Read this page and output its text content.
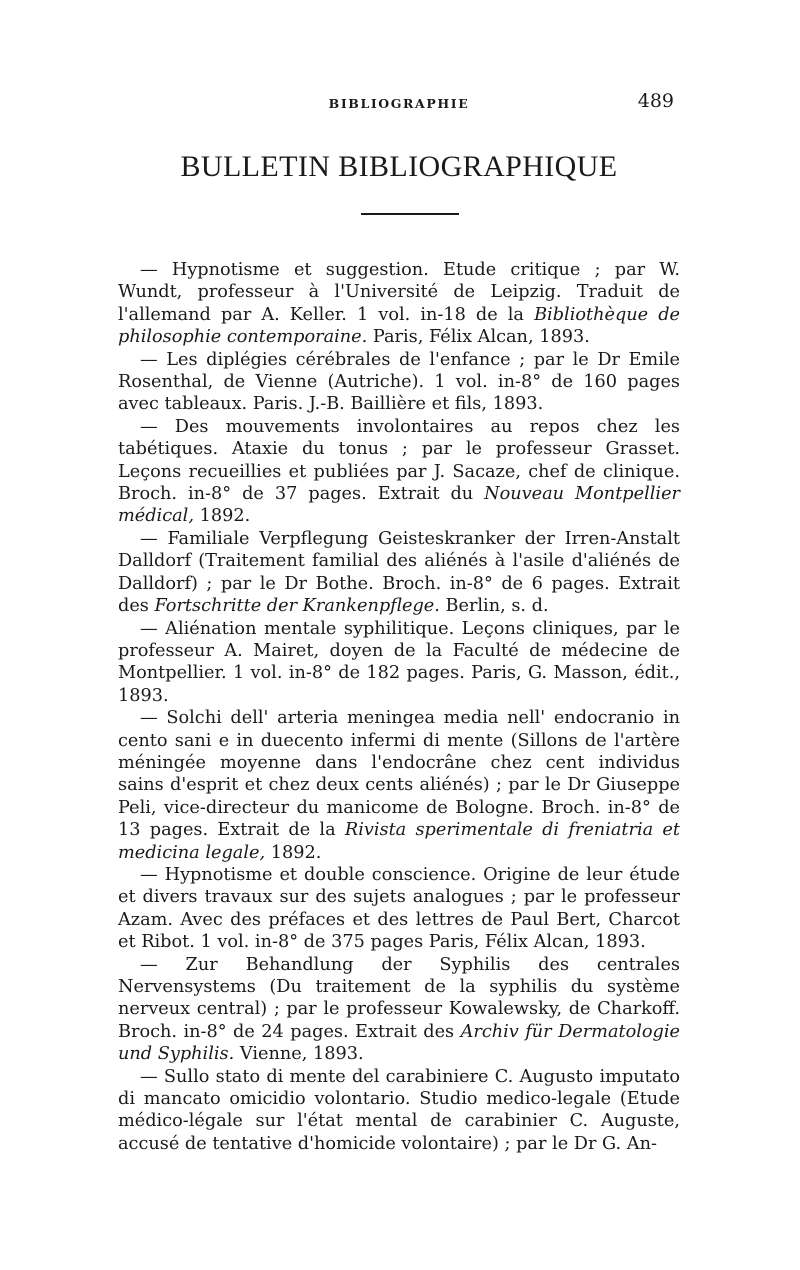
BIBLIOGRAPHIE	489
BULLETIN BIBLIOGRAPHIQUE

— Hypnotisme et suggestion. Etude critique ; par W. Wundt, professeur à l'Université de Leipzig. Traduit de l'allemand par A. Keller. 1 vol. in-18 de la Bibliothèque de philosophie contemporaine. Paris, Félix Alcan, 1893.

— Les diplégies cérébrales de l'enfance ; par le Dr Emile Rosenthal, de Vienne (Autriche). 1 vol. in-8° de 160 pages avec tableaux. Paris. J.-B. Baillière et fils, 1893.

— Des mouvements involontaires au repos chez les tabétiques. Ataxie du tonus ; par le professeur Grasset. Leçons recueillies et publiées par J. Sacaze, chef de clinique. Broch. in-8° de 37 pages. Extrait du Nouveau Montpellier médical, 1892.

— Familiale Verpflegung Geisteskranker der Irren-Anstalt Dalldorf (Traitement familial des aliénés à l'asile d'aliénés de Dalldorf) ; par le Dr Bothe. Broch. in-8° de 6 pages. Extrait des Fortschritte der Krankenpflege. Berlin, s. d.

— Aliénation mentale syphilitique. Leçons cliniques, par le professeur A. Mairet, doyen de la Faculté de médecine de Montpellier. 1 vol. in-8° de 182 pages. Paris, G. Masson, édit., 1893.

— Solchi dell' arteria meningea media nell' endocranio in cento sani e in duecento infermi di mente (Sillons de l'artère méningée moyenne dans l'endocrâne chez cent individus sains d'esprit et chez deux cents aliénés) ; par le Dr Giuseppe Peli, vice-directeur du manicome de Bologne. Broch. in-8° de 13 pages. Extrait de la Rivista sperimentale di freniatria et medicina legale, 1892.

— Hypnotisme et double conscience. Origine de leur étude et divers travaux sur des sujets analogues ; par le professeur Azam. Avec des préfaces et des lettres de Paul Bert, Charcot et Ribot. 1 vol. in-8° de 375 pages Paris, Félix Alcan, 1893.

— Zur Behandlung der Syphilis des centrales Nervensystems (Du traitement de la syphilis du système nerveux central) ; par le professeur Kowalewsky, de Charkoff. Broch. in-8° de 24 pages. Extrait des Archiv für Dermatologie und Syphilis. Vienne, 1893.

— Sullo stato di mente del carabiniere C. Augusto imputato di mancato omicidio volontario. Studio medico-legale (Etude médico-légale sur l'état mental de carabinier C. Auguste, accusé de tentative d'homicide volontaire) ; par le Dr G. An-
